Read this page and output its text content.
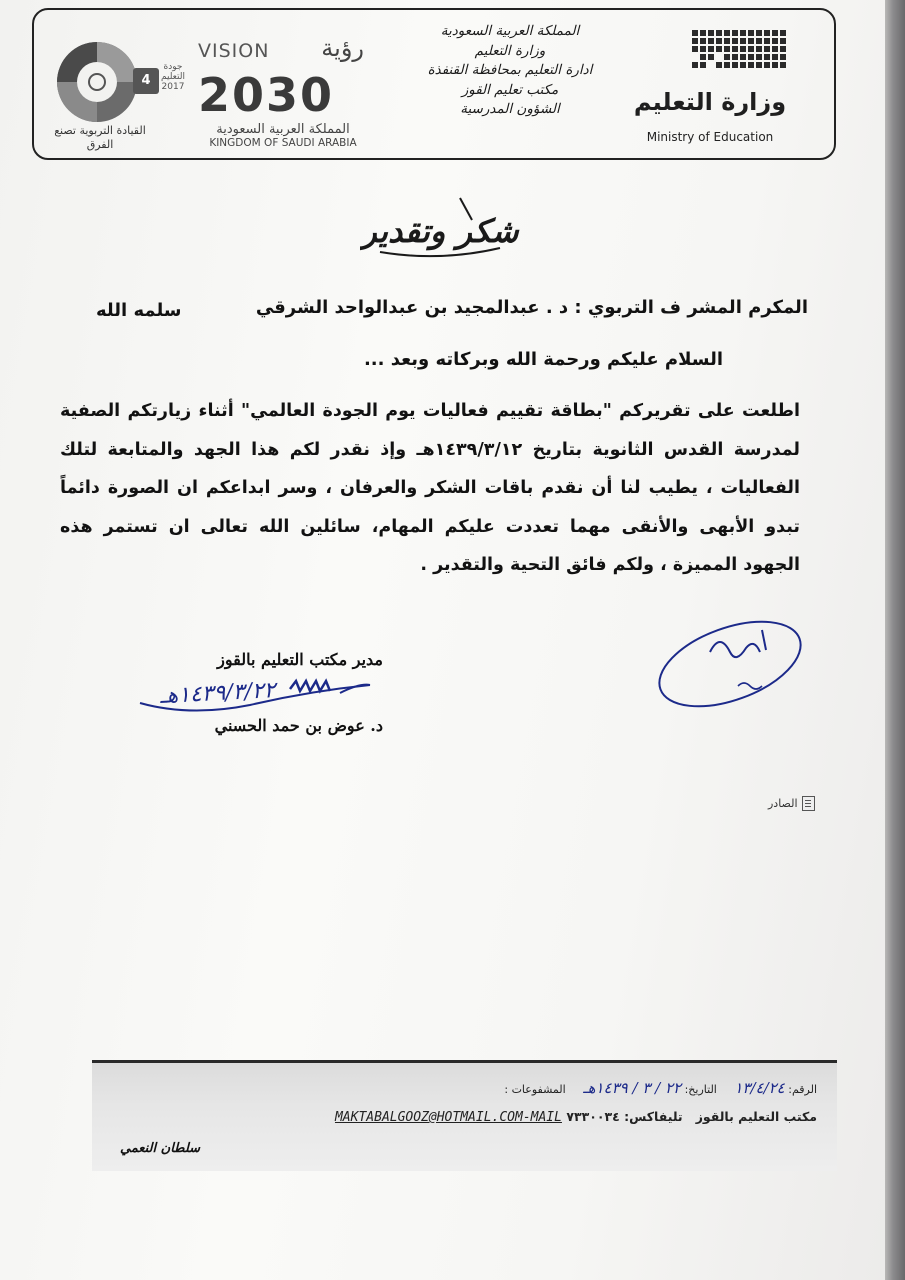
وزارة التعليم
Ministry of Education
المملكة العربية السعودية
وزارة التعليم
ادارة التعليم بمحافظة القنفذة
مكتب تعليم القوز
الشؤون المدرسية
VISION رؤية
2030
المملكة العربية السعودية
KINGDOM OF SAUDI ARABIA
4
جودة التعليم 2017
القيادة التربوية تصنع الفرق
شكر وتقدير
المكرم المشر ف التربوي : د . عبدالمجيد بن عبدالواحد الشرقي
سلمه الله
السلام عليكم ورحمة الله وبركاته وبعد ...
اطلعت على تقريركم "بطاقة تقييم فعاليات يوم الجودة العالمي" أثناء زيارتكم الصفية لمدرسة القدس الثانوية بتاريخ ١٤٣٩/٣/١٢هـ وإذ نقدر لكم هذا الجهد والمتابعة لتلك الفعاليات ، يطيب لنا أن نقدم باقات الشكر والعرفان ، وسر ابداعكم ان الصورة دائماً تبدو الأبهى والأنقى مهما تعددت عليكم المهام، سائلين الله تعالى ان تستمر هذه الجهود المميزة ، ولكم فائق التحية والتقدير .
مدير مكتب التعليم بالقوز
د. عوض بن حمد الحسني
١٤٣٩/٣/٢٢هـ
الصادر
الرقم: ١٣/٤/٢٤     التاريخ: ٢٢ / ٣ / ١٤٣٩هـ     المشفوعات :
مكتب التعليم بالقوز   تليفاكس: ٧٣٣٠٠٣٤ MAKTABALGOOZ@HOTMAIL.COM-MAIL
سلطان النعمي
